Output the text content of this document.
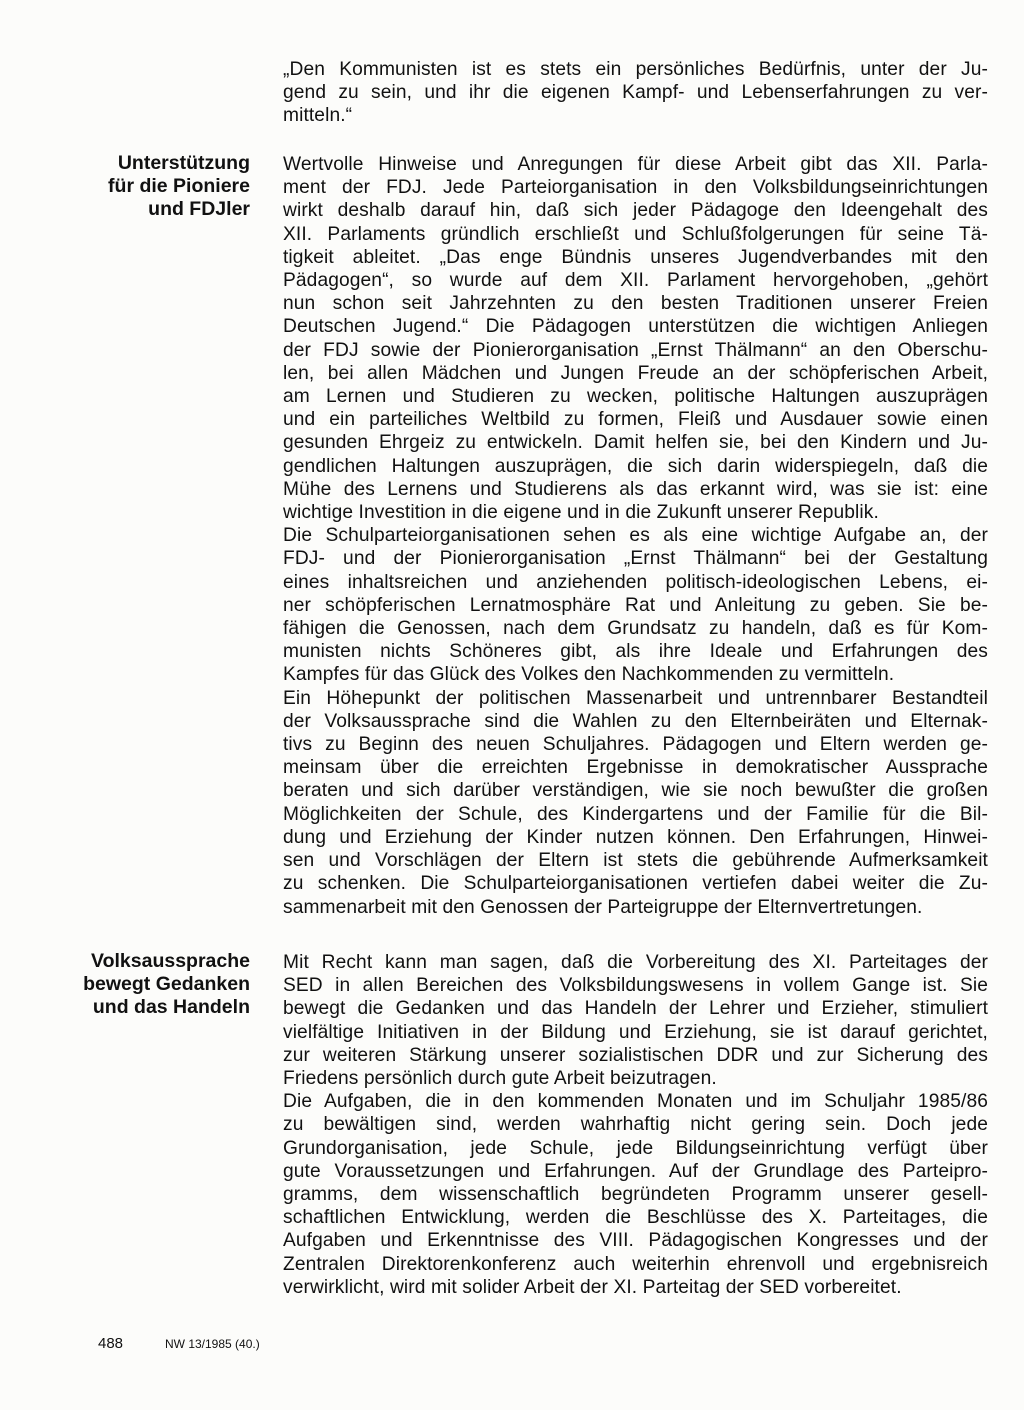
„Den Kommunisten ist es stets ein persönliches Bedürfnis, unter der Ju-
gend zu sein, und ihr die eigenen Kampf- und Lebenserfahrungen zu ver-
mitteln.“
Unterstützung
für die Pioniere
und FDJler
Wertvolle Hinweise und Anregungen für diese Arbeit gibt das XII. Parla-
ment der FDJ. Jede Parteiorganisation in den Volksbildungseinrichtungen
wirkt deshalb darauf hin, daß sich jeder Pädagoge den Ideengehalt des
XII. Parlaments gründlich erschließt und Schlußfolgerungen für seine Tä-
tigkeit ableitet. „Das enge Bündnis unseres Jugendverbandes mit den
Pädagogen“, so wurde auf dem XII. Parlament hervorgehoben, „gehört
nun schon seit Jahrzehnten zu den besten Traditionen unserer Freien
Deutschen Jugend.“ Die Pädagogen unterstützen die wichtigen Anliegen
der FDJ sowie der Pionierorganisation „Ernst Thälmann“ an den Oberschu-
len, bei allen Mädchen und Jungen Freude an der schöpferischen Arbeit,
am Lernen und Studieren zu wecken, politische Haltungen auszuprägen
und ein parteiliches Weltbild zu formen, Fleiß und Ausdauer sowie einen
gesunden Ehrgeiz zu entwickeln. Damit helfen sie, bei den Kindern und Ju-
gendlichen Haltungen auszuprägen, die sich darin widerspiegeln, daß die
Mühe des Lernens und Studierens als das erkannt wird, was sie ist: eine
wichtige Investition in die eigene und in die Zukunft unserer Republik.
Die Schulparteiorganisationen sehen es als eine wichtige Aufgabe an, der
FDJ- und der Pionierorganisation „Ernst Thälmann“ bei der Gestaltung
eines inhaltsreichen und anziehenden politisch-ideologischen Lebens, ei-
ner schöpferischen Lernatmosphäre Rat und Anleitung zu geben. Sie be-
fähigen die Genossen, nach dem Grundsatz zu handeln, daß es für Kom-
munisten nichts Schöneres gibt, als ihre Ideale und Erfahrungen des
Kampfes für das Glück des Volkes den Nachkommenden zu vermitteln.
Ein Höhepunkt der politischen Massenarbeit und untrennbarer Bestandteil
der Volksaussprache sind die Wahlen zu den Elternbeiräten und Elternak-
tivs zu Beginn des neuen Schuljahres. Pädagogen und Eltern werden ge-
meinsam über die erreichten Ergebnisse in demokratischer Aussprache
beraten und sich darüber verständigen, wie sie noch bewußter die großen
Möglichkeiten der Schule, des Kindergartens und der Familie für die Bil-
dung und Erziehung der Kinder nutzen können. Den Erfahrungen, Hinwei-
sen und Vorschlägen der Eltern ist stets die gebührende Aufmerksamkeit
zu schenken. Die Schulparteiorganisationen vertiefen dabei weiter die Zu-
sammenarbeit mit den Genossen der Parteigruppe der Elternvertretungen.
Volksaussprache
bewegt Gedanken
und das Handeln
Mit Recht kann man sagen, daß die Vorbereitung des XI. Parteitages der
SED in allen Bereichen des Volksbildungswesens in vollem Gange ist. Sie
bewegt die Gedanken und das Handeln der Lehrer und Erzieher, stimuliert
vielfältige Initiativen in der Bildung und Erziehung, sie ist darauf gerichtet,
zur weiteren Stärkung unserer sozialistischen DDR und zur Sicherung des
Friedens persönlich durch gute Arbeit beizutragen.
Die Aufgaben, die in den kommenden Monaten und im Schuljahr 1985/86
zu bewältigen sind, werden wahrhaftig nicht gering sein. Doch jede
Grundorganisation, jede Schule, jede Bildungseinrichtung verfügt über
gute Voraussetzungen und Erfahrungen. Auf der Grundlage des Parteipro-
gramms, dem wissenschaftlich begründeten Programm unserer gesell-
schaftlichen Entwicklung, werden die Beschlüsse des X. Parteitages, die
Aufgaben und Erkenntnisse des VIII. Pädagogischen Kongresses und der
Zentralen Direktorenkonferenz auch weiterhin ehrenvoll und ergebnisreich
verwirklicht, wird mit solider Arbeit der XI. Parteitag der SED vorbereitet.
488	NW 13/1985 (40.)
